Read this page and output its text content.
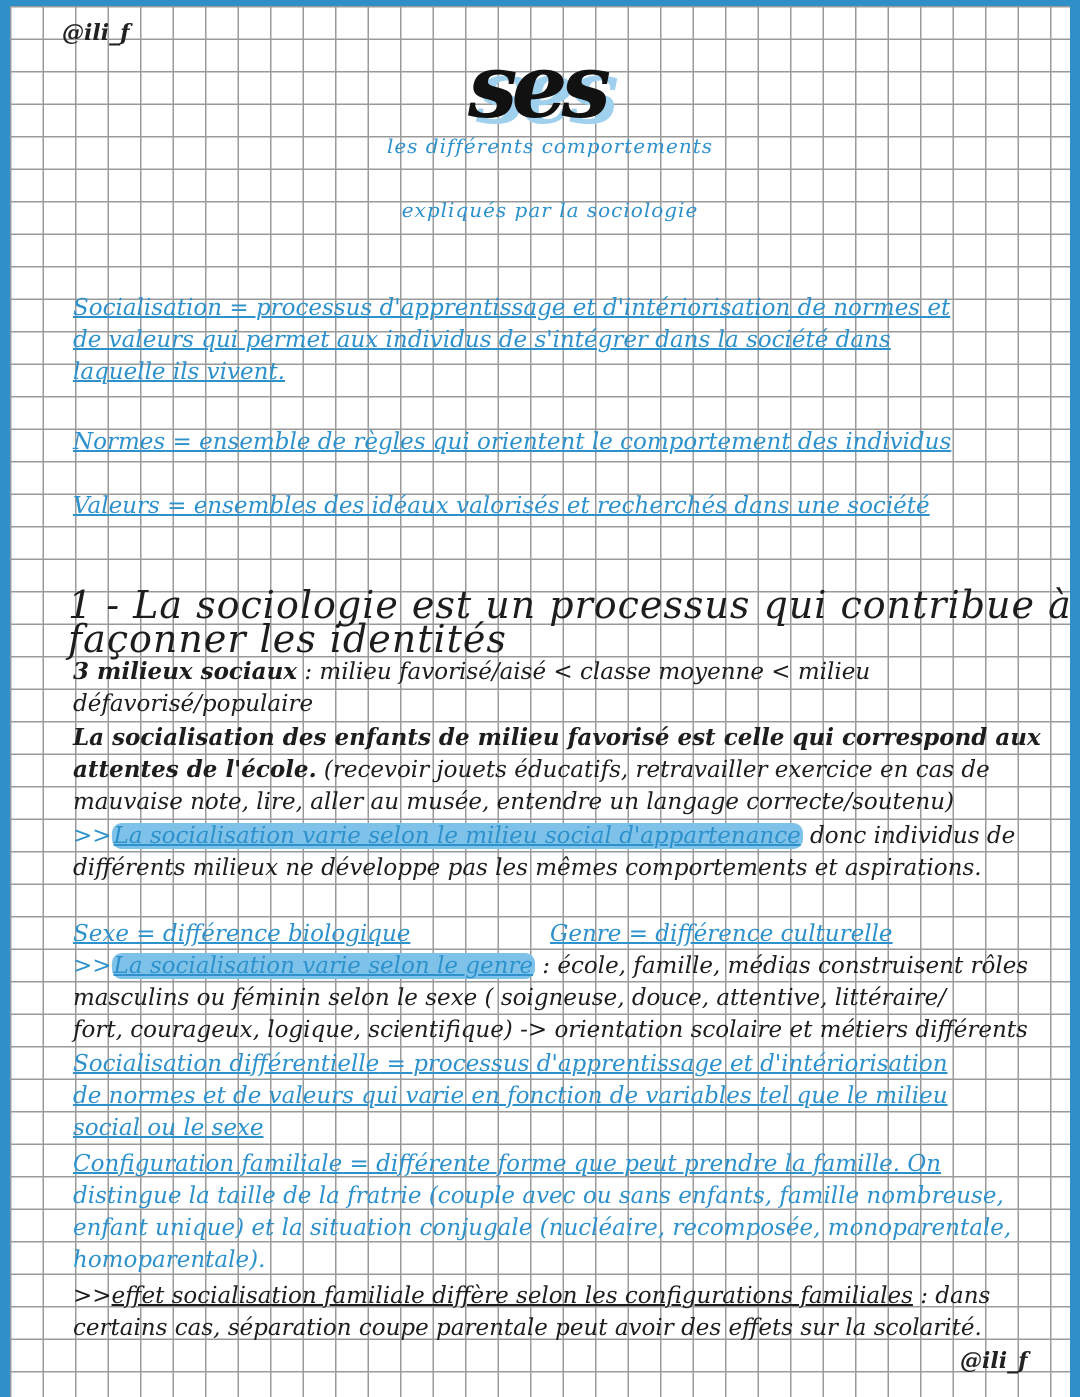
@ili_f
ses
les différents comportements
expliqués par la sociologie
Socialisation = processus d'apprentissage et d'intériorisation de normes et
de valeurs qui permet aux individus de s'intégrer dans la société dans
laquelle ils vivent.
Normes = ensemble de règles qui orientent le comportement des individus
Valeurs = ensembles des idéaux valorisés et recherchés dans une société
1 - La sociologie est un processus qui contribue à
façonner les identités
3 milieux sociaux : milieu favorisé/aisé < classe moyenne < milieu
défavorisé/populaire
La socialisation des enfants de milieu favorisé est celle qui correspond aux
attentes de l'école. (recevoir jouets éducatifs, retravailler exercice en cas de
mauvaise note, lire, aller au musée, entendre un langage correcte/soutenu)
>>La socialisation varie selon le milieu social d'appartenance donc individus de
différents milieux ne développe pas les mêmes comportements et aspirations.
Sexe = différence biologique	Genre = différence culturelle
>>La socialisation varie selon le genre : école, famille, médias construisent rôles
masculins ou féminin selon le sexe ( soigneuse, douce, attentive, littéraire/
fort, courageux, logique, scientifique) -> orientation scolaire et métiers différents
Socialisation différentielle = processus d'apprentissage et d'intériorisation
de normes et de valeurs qui varie en fonction de variables tel que le milieu
social ou le sexe
Configuration familiale = différente forme que peut prendre la famille. On
distingue la taille de la fratrie (couple avec ou sans enfants, famille nombreuse,
enfant unique) et la situation conjugale (nucléaire, recomposée, monoparentale,
homoparentale).
>>effet socialisation familiale diffère selon les configurations familiales : dans
certains cas, séparation coupe parentale peut avoir des effets sur la scolarité.
@ili_f
